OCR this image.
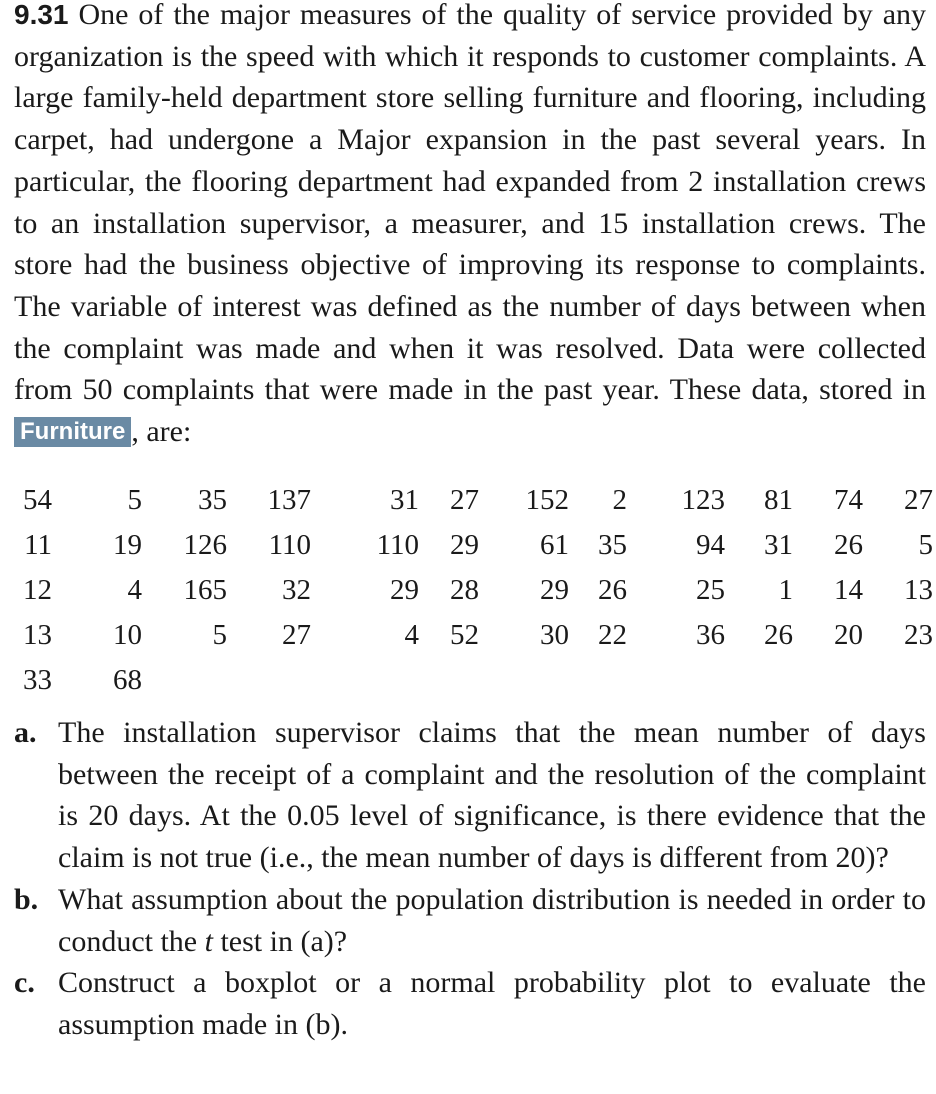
9.31 One of the major measures of the quality of service provided by any organization is the speed with which it responds to customer complaints. A large family-held department store selling furniture and flooring, including carpet, had undergone a Major expansion in the past several years. In particular, the flooring department had expanded from 2 installation crews to an installation supervisor, a measurer, and 15 installation crews. The store had the business objective of improving its response to complaints. The variable of interest was defined as the number of days between when the complaint was made and when it was resolved. Data were collected from 50 complaints that were made in the past year. These data, stored in Furniture , are:

54	5	35	137	31	27	152	2	123	81	74	27
11	19	126	110	110	29	61	35	94	31	26	5
12	4	165	32	29	28	29	26	25	1	14	13
13	10	5	27	4	52	30	22	36	26	20	23
33	68										
a. The installation supervisor claims that the mean number of days between the receipt of a complaint and the resolution of the complaint is 20 days. At the 0.05 level of significance, is there evidence that the claim is not true (i.e., the mean number of days is different from 20)?

b. What assumption about the population distribution is needed in order to conduct the t test in (a)?

c. Construct a boxplot or a normal probability plot to evaluate the assumption made in (b).
